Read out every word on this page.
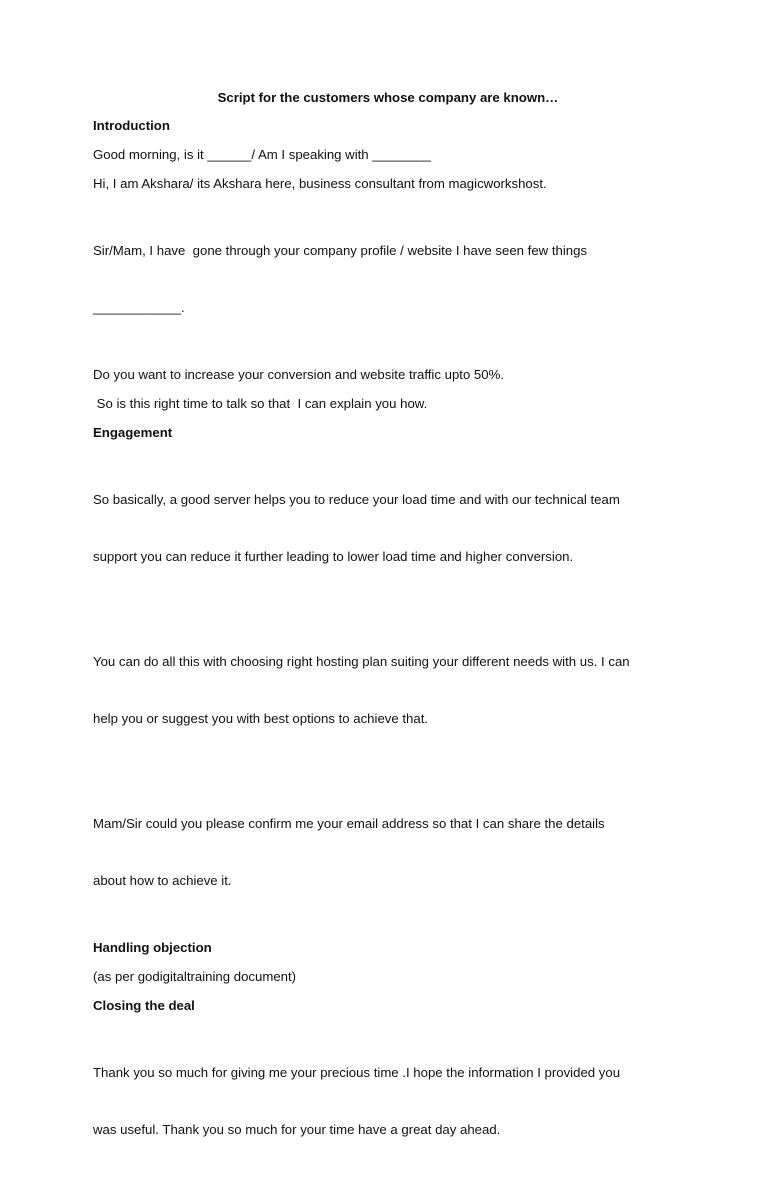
Script for the customers whose company are known…
Introduction
Good morning, is it ______/ Am I speaking with ________
Hi, I am Akshara/ its Akshara here, business consultant from magicworkshost.

Sir/Mam, I have  gone through your company profile / website I have seen few things

____________.

Do you want to increase your conversion and website traffic upto 50%.
So is this right time to talk so that  I can explain you how.
Engagement

So basically, a good server helps you to reduce your load time and with our technical team

support you can reduce it further leading to lower load time and higher conversion.

You can do all this with choosing right hosting plan suiting your different needs with us. I can

help you or suggest you with best options to achieve that.

Mam/Sir could you please confirm me your email address so that I can share the details

about how to achieve it.

Handling objection
(as per godigitaltraining document)
Closing the deal

Thank you so much for giving me your precious time .I hope the information I provided you

was useful. Thank you so much for your time have a great day ahead.
